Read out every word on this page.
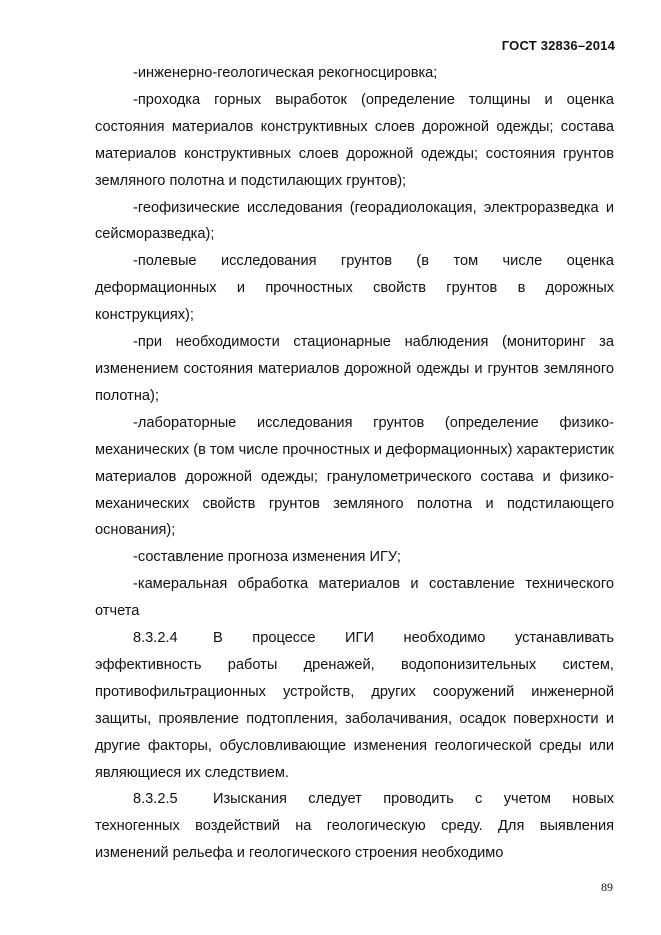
ГОСТ 32836–2014

-инженерно-геологическая рекогносцировка;

-проходка горных выработок (определение толщины и оценка состояния материалов конструктивных слоев дорожной одежды; состава материалов конструктивных слоев дорожной одежды; состояния грунтов земляного полотна и подстилающих грунтов);

-геофизические исследования (георадиолокация, электроразведка и сейсморазведка);

-полевые исследования грунтов (в том числе оценка деформационных и прочностных свойств грунтов в дорожных конструкциях);

-при необходимости стационарные наблюдения (мониторинг за изменением состояния материалов дорожной одежды и грунтов земляного полотна);

-лабораторные исследования грунтов (определение физико-механических (в том числе прочностных и деформационных) характеристик материалов дорожной одежды; гранулометрического состава и физико-механических свойств грунтов земляного полотна и подстилающего основания);

-составление прогноза изменения ИГУ;

-камеральная обработка материалов и составление технического отчета

8.3.2.4 В процессе ИГИ необходимо устанавливать эффективность работы дренажей, водопонизительных систем, противофильтрационных устройств, других сооружений инженерной защиты, проявление подтопления, заболачивания, осадок поверхности и другие факторы, обусловливающие изменения геологической среды или являющиеся их следствием.

8.3.2.5 Изыскания следует проводить с учетом новых техногенных воздействий на геологическую среду. Для выявления изменений рельефа и геологического строения необходимо

89
